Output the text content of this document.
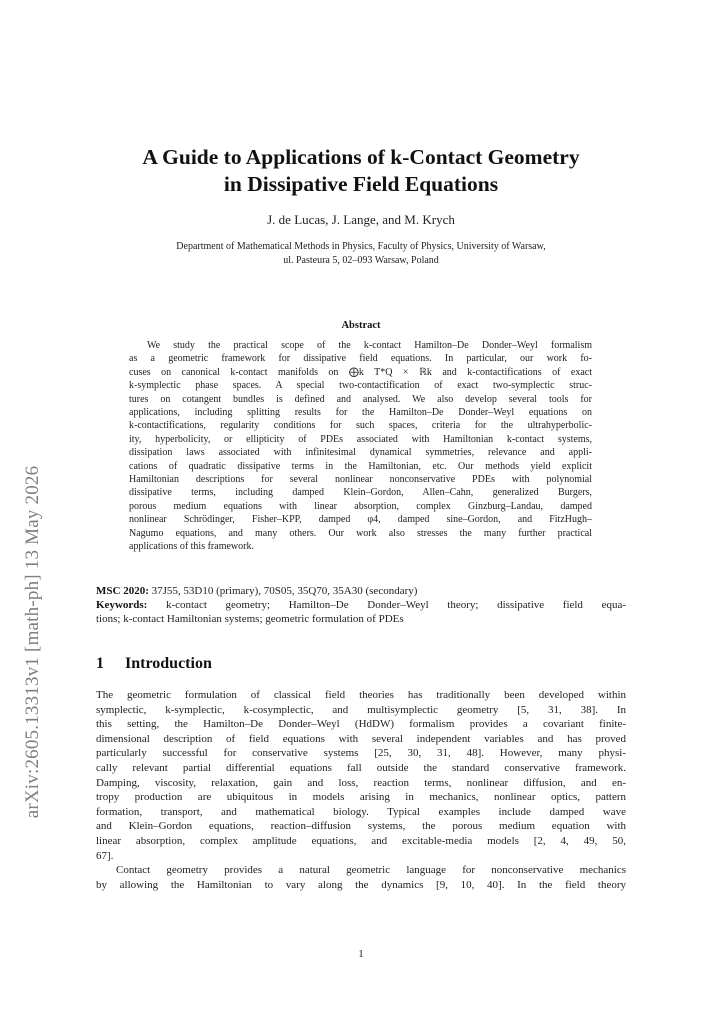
arXiv:2605.13313v1 [math-ph] 13 May 2026
A Guide to Applications of k-Contact Geometry
in Dissipative Field Equations
J. de Lucas, J. Lange, and M. Krych
Department of Mathematical Methods in Physics, Faculty of Physics, University of Warsaw,
ul. Pasteura 5, 02–093 Warsaw, Poland
Abstract
We study the practical scope of the k-contact Hamilton–De Donder–Weyl formalism
as a geometric framework for dissipative field equations. In particular, our work fo-
cuses on canonical k-contact manifolds on ⨁k T*Q × ℝk and k-contactifications of exact
k-symplectic phase spaces. A special two-contactification of exact two-symplectic struc-
tures on cotangent bundles is defined and analysed. We also develop several tools for
applications, including splitting results for the Hamilton–De Donder–Weyl equations on
k-contactifications, regularity conditions for such spaces, criteria for the ultrahyperbolic-
ity, hyperbolicity, or ellipticity of PDEs associated with Hamiltonian k-contact systems,
dissipation laws associated with infinitesimal dynamical symmetries, relevance and appli-
cations of quadratic dissipative terms in the Hamiltonian, etc. Our methods yield explicit
Hamiltonian descriptions for several nonlinear nonconservative PDEs with polynomial
dissipative terms, including damped Klein–Gordon, Allen–Cahn, generalized Burgers,
porous medium equations with linear absorption, complex Ginzburg–Landau, damped
nonlinear Schrödinger, Fisher–KPP, damped φ4, damped sine–Gordon, and FitzHugh–
Nagumo equations, and many others. Our work also stresses the many further practical
applications of this framework.
MSC 2020: 37J55, 53D10 (primary), 70S05, 35Q70, 35A30 (secondary)
Keywords: k-contact geometry; Hamilton–De Donder–Weyl theory; dissipative field equa-
tions; k-contact Hamiltonian systems; geometric formulation of PDEs
1 Introduction
The geometric formulation of classical field theories has traditionally been developed within
symplectic, k-symplectic, k-cosymplectic, and multisymplectic geometry [5, 31, 38]. In
this setting, the Hamilton–De Donder–Weyl (HdDW) formalism provides a covariant finite-
dimensional description of field equations with several independent variables and has proved
particularly successful for conservative systems [25, 30, 31, 48]. However, many physi-
cally relevant partial differential equations fall outside the standard conservative framework.
Damping, viscosity, relaxation, gain and loss, reaction terms, nonlinear diffusion, and en-
tropy production are ubiquitous in models arising in mechanics, nonlinear optics, pattern
formation, transport, and mathematical biology. Typical examples include damped wave
and Klein–Gordon equations, reaction–diffusion systems, the porous medium equation with
linear absorption, complex amplitude equations, and excitable-media models [2, 4, 49, 50,
67].
Contact geometry provides a natural geometric language for nonconservative mechanics
by allowing the Hamiltonian to vary along the dynamics [9, 10, 40]. In the field theory
1
